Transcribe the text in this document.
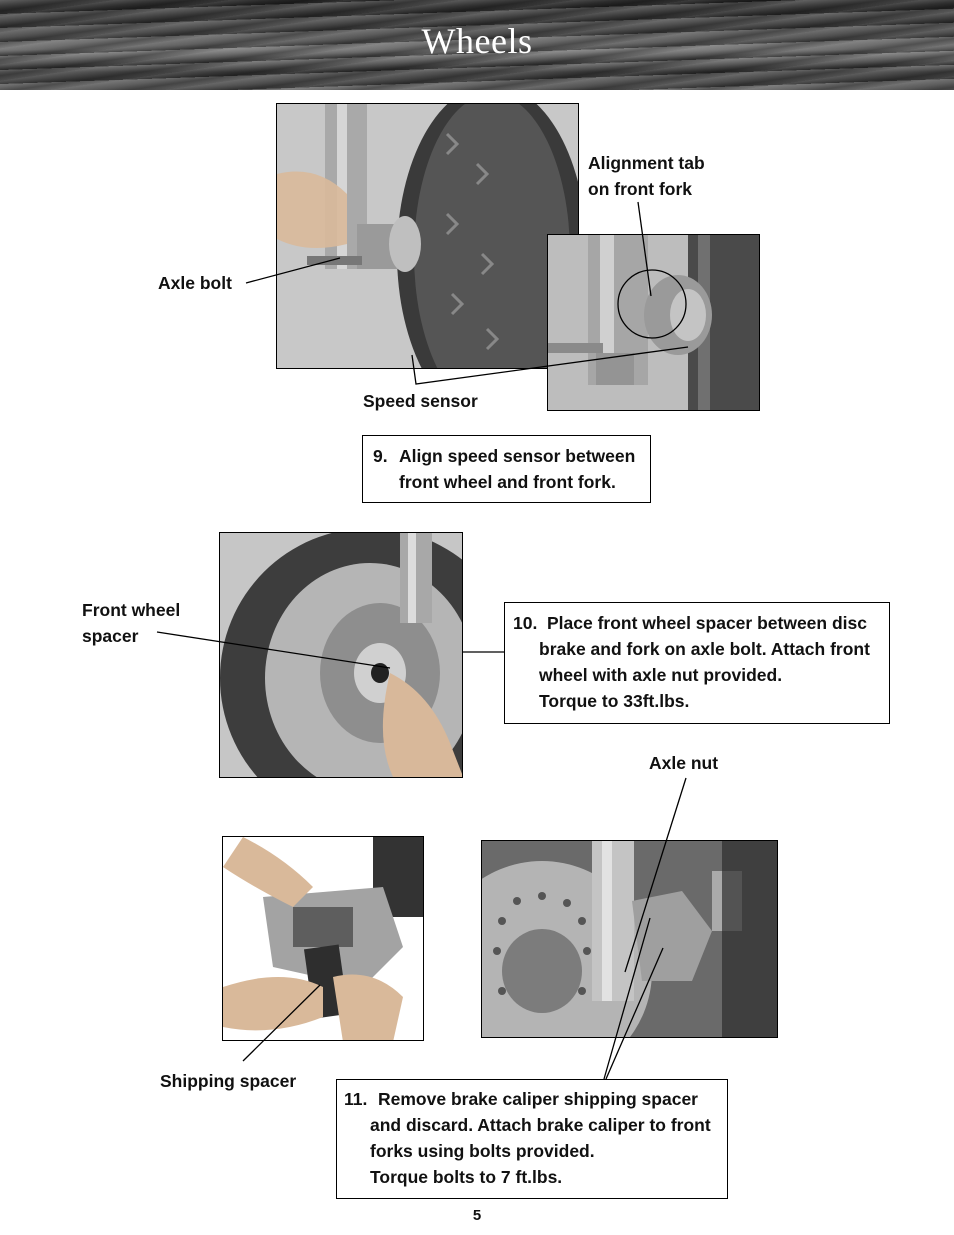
Wheels
Alignment tab
on front fork
Axle bolt
Speed sensor
9. Align speed sensor between
front wheel and front fork.
Front wheel
spacer
10. Place front wheel spacer between disc
brake and fork on axle bolt. Attach front
wheel with axle nut provided.
Torque to 33ft.lbs.
Axle nut
Shipping spacer
11. Remove brake caliper shipping spacer
and discard. Attach brake caliper to front
forks using bolts provided.
Torque bolts to 7 ft.lbs.
5
